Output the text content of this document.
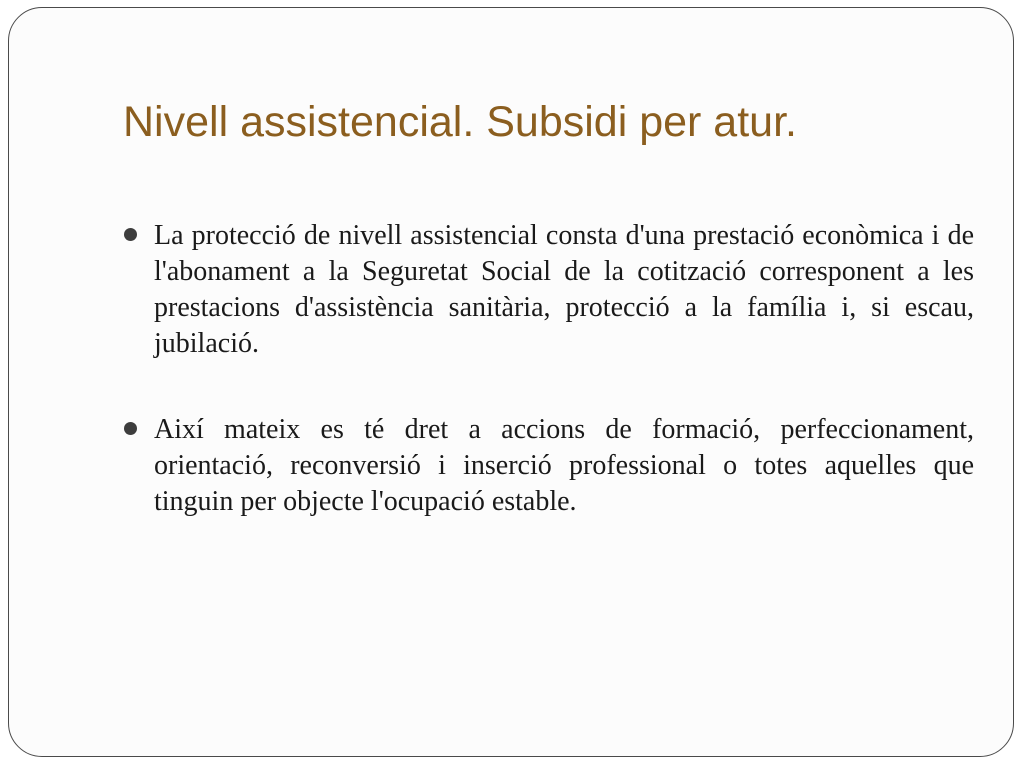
Nivell assistencial. Subsidi per atur.
La protecció de nivell assistencial consta d'una prestació econòmica i de l'abonament a la Seguretat Social de la cotització corresponent a les prestacions d'assistència sanitària, protecció a la família i, si escau, jubilació.
Així mateix es té dret a accions de formació, perfeccionament, orientació, reconversió i inserció professional o totes aquelles que tinguin per objecte l'ocupació estable.
